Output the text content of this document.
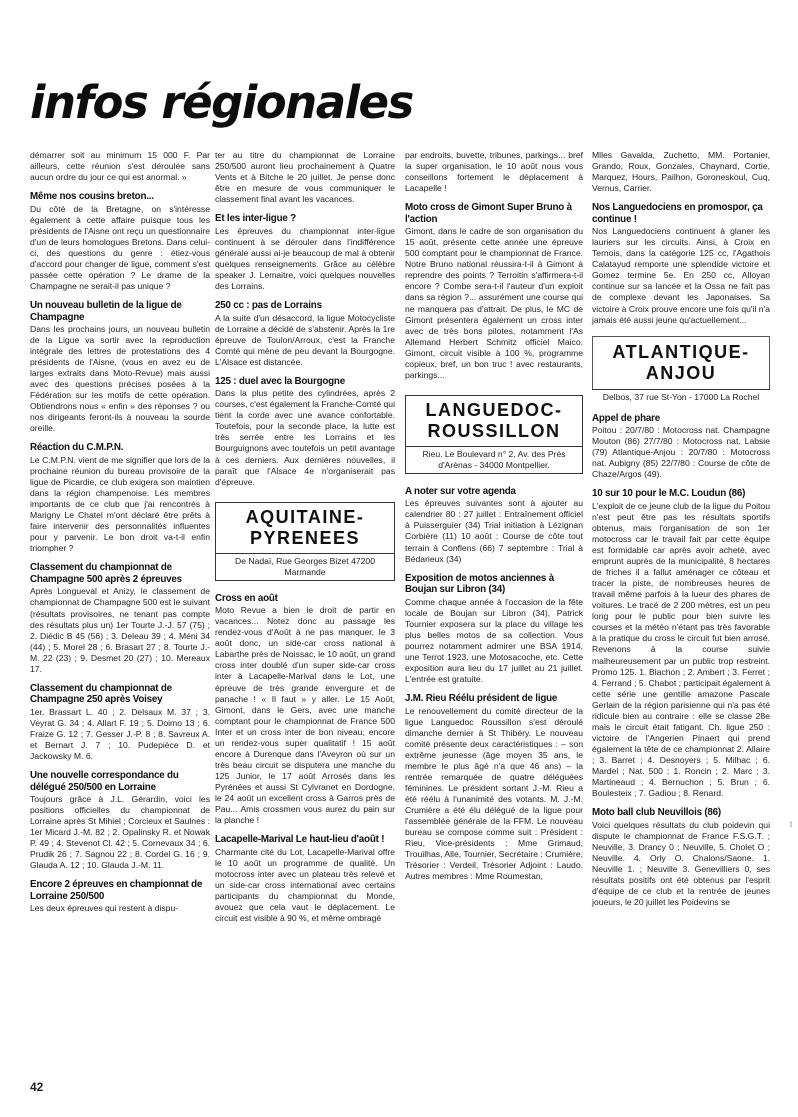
infos régionales

démarrer soit au minimum 15 000 F. Par ailleurs, cette réunion s'est déroulée sans aucun ordre du jour ce qui est anormal. »

Même nos cousins breton...

Du côté de la Bretagne, on s'intéresse également à cette affaire puisque tous les présidents de l'Aisne ont reçu un questionnaire d'un de leurs homologues Bretons. Dans celui-ci, des questions du genre : étiez-vous d'accord pour changer de ligue, comment s'est passée cette opération ? Le drame de la Champagne ne serait-il pas unique ?

Un nouveau bulletin de la ligue de Champagne

Dans les prochains jours, un nouveau bulletin de la Ligue va sortir avec la reproduction intégrale des lettres de protestations des 4 présidents de l'Aisne, (vous en avez eu de larges extraits dans Moto-Revue) mais aussi avec des questions précises posées à la Fédération sur les motifs de cette opération. Obtiendrons nous « enfin » des réponses ? ou nos dirigeants feront-ils à nouveau la sourde oreille.

Réaction du C.M.P.N.

Le C.M.P.N. vient de me signifier que lors de la prochaine réunion du bureau provisoire de la ligue de Picardie, ce club exigera son maintien dans la région champenoise. Les membres importants de ce club que j'ai rencontrés à Marigny Le Chatel m'ont déclaré être prêts à faire intervenir des personnalités influentes pour y parvenir. Le bon droit va-t-il enfin triompher ?

Classement du championnat de Champagne 500 après 2 épreuves

Après Longueval et Anizy, le classement de championnat de Champagne 500 est le suivant (résultats provisoires, ne tenant pas compte des résultats plus un) 1er Tourte J.-J. 57 (75) ; 2. Diédic B 45 (56) ; 3. Deleau 39 ; 4. Méni 34 (44) ; 5. Morel 28 ; 6. Brasart 27 ; 8. Tourte J.-M. 22 (23) ; 9. Desmet 20 (27) ; 10. Mereaux 17.

Classement du championnat de Champagne 250 après Voisey

1er. Brassart L. 40 ; 2. Delsaux M. 37 ; 3. Veyrat G. 34 ; 4. Allart F. 19 ; 5. Doimo 13 ; 6. Fraize G. 12 ; 7. Gesser J.-P. 8 ; 8. Savreux A. et Bernart J. 7 ; 10. Pudepièce D. et Jackowsky M. 6.

Une nouvelle correspondance du délégué 250/500 en Lorraine

Toujours grâce à J.L. Gérardin, voici les positions officielles du championnat de Lorraine après St Mihiel ; Corcieux et Saulnes : 1er Micard J.-M. 82 ; 2. Opalinsky R. et Nowak P. 49 ; 4. Stevenot Cl. 42 ; 5. Cornevaux 34 ; 6. Prudik 26 ; 7. Sagnou 22 ; 8. Cordel G. 16 ; 9. Glauda A. 12 ; 10. Glauda J.-M. 11.

Encore 2 épreuves en championnat de Lorraine 250/500

Les deux épreuves qui restent à dispu-

ter au titre du championnat de Lorraine 250/500 auront lieu prochainement à Quatre Vents et à Bitche le 20 juillet. Je pense donc être en mesure de vous communiquer le classement final avant les vacances.

Et les inter-ligue ?

Les épreuves du championnat inter-ligue continuent à se dérouler dans l'indifférence générale aussi ai-je beaucoup de mal à obtenir quelques renseignements. Grâce au célèbre speaker J. Lemaitre, voici quelques nouvelles des Lorrains.

250 cc : pas de Lorrains

A la suite d'un désaccord, la ligue Motocycliste de Lorraine a décidé de s'abstenir. Après la 1re épreuve de Toulon/Arroux, c'est la Franche Comté qui mène de peu devant la Bourgogne. L'Alsace est distancée.

125 : duel avec la Bourgogne

Dans la plus petite des cylindrées, après 2 courses, c'est également la Franche-Comté qui tient la corde avec une avance confortable. Toutefois, pour la seconde place, la lutte est très serrée entre les Lorrains et les Bourguignons avec toutefois un petit avantage à ces derniers. Aux dernières nouvelles, il paraît que l'Alsace 4e n'organiserait pas d'épreuve.

AQUITAINE-PYRENEES
De Nadaï, Rue Georges Bizet 47200 Marmande
Cross en août

Moto Revue a bien le droit de partir en vacances... Notez donc au passage les rendez-vous d'Août à ne pas manquer, le 3 août donc, un side-car cross national à Labarthe près de Noissac, le 10 août, un grand cross inter doublé d'un super side-car cross inter à Lacapelle-Marival dans le Lot, une épreuve de très grande envergure et de panache ! « Il faut » y aller. Le 15 Août, Gimont, dans le Gers, avec une manche comptant pour le championnat de France 500 Inter et un cross inter de bon niveau, encore un rendez-vous super qualitatif ! 15 août encore à Durenque dans l'Aveyron où sur un très beau circuit se disputera une manche du 125 Junior, le 17 août Arrosés dans les Pyrénées et aussi St Cylvranet en Dordogne, le 24 août un excellent cross à Garros près de Pau... Amis crossmen vous aurez du pain sur la planche !

Lacapelle-Marival Le haut-lieu d'août !

Charmante cité du Lot, Lacapelle-Marival offre le 10 août un programme de qualité. Un motocross inter avec un plateau très relevé et un side-car cross international avec certains participants du championnat du Monde, avouez que cela vaut le déplacement. Le circuit est visible à 90 %, et même ombragé

par endroits, buvette, tribunes, parkings... bref la super organisation, le 10 août nous vous conseillons fortement le déplacement à Lacapelle !

Moto cross de Gimont Super Bruno à l'action

Gimont, dans le cadre de son organisation du 15 août, présente cette année une épreuve 500 comptant pour le championnat de France. Notre Bruno national réussira-t-il à Gimont à reprendre des points ? Terroitin s'affirmera-t-il encore ? Combe sera-t-il l'auteur d'un exploit dans sa région ?... assurément une course qui ne manquera pas d'attrait. De plus, le MC de Gimont présentera également un cross inter avec de très bons pilotes, notamment l'As Allemand Herbert Schmitz officiel Maico. Gimont, circuit visible à 100 %, programme copieux, bref, un bon truc ! avec restaurants, parkings...

LANGUEDOC-ROUSSILLON
Rieu. Le Boulevard n° 2, Av. des Prés d'Arènas - 34000 Montpellier.
A noter sur votre agenda

Les épreuves suivantes sont à ajouter au calendrier 80 : 27 juillet : Entraînement officiel à Puisserguier (34) Trial initiation à Lézignan Corbière (11) 10 août : Course de côte tout terrain à Conflens (66) 7 septembre : Trial à Bédarieux (34)

Exposition de motos anciennes à Boujan sur Libron (34)

Comme chaque année à l'occasion de la fête locale de Boujan sur Libron (34), Patrick Tournier exposera sur la place du village les plus belles motos de sa collection. Vous pourrez notamment admirer une BSA 1914, une Terrot 1923, une Motosacoche, etc. Cette exposition aura lieu du 17 juillet au 21 juillet. L'entrée est gratuite.

J.M. Rieu Réélu président de ligue

Le renouvellement du comité directeur de la ligue Languedoc Roussillon s'est déroulé dimanche dernier à St Thibéry. Le nouveau comité présente deux caractéristiques : – son extrême jeunesse (âge moyen 35 ans, le membre le plus âgé n'a que 46 ans) – la rentrée remarquée de quatre déléguées féminines. Le président sortant J.-M. Rieu a été réélu à l'unanimité des votants. M. J.-M. Crumière a été élu délégué de la ligue pour l'assemblée générale de la FFM. Le nouveau bureau se compose comme suit : Président : Rieu, Vice-présidents : Mme Grimaud, Trouilhas, Alle, Tournier, Secrétaire : Crumière, Trésorier : Verdeil, Trésorier Adjoint : Laudo. Autres membres : Mme Roumestan,

Mlles Gavalda, Zuchetto, MM. Portanier, Grando, Roux, Gonzales, Chaynard, Cortie, Marquez, Hours, Pailhon, Goroneskoul, Cuq, Vernus, Carrier.

Nos Languedociens en promospor, ça continue !

Nos Languedociens continuent à glaner les lauriers sur les circuits. Ainsi, à Croix en Ternois, dans la catégorie 125 cc, l'Agathois Calatayud remporte une splendide victoire et Gomez termine 5e. En 250 cc, Alloyan continue sur sa lancée et la Ossa ne fait pas de complexe devant les Japonaises. Sa victoire à Croix prouve encore une fois qu'il n'a jamais été aussi jeune qu'actuellement...

ATLANTIQUE-ANJOU
Delbos, 37 rue St-Yon - 17000 La Rochel
Appel de phare

Poitou : 20/7/80 : Motocross nat. Champagne Mouton (86) 27/7/80 : Motocross nat. Labsie (79) Atlantique-Anjou : 20/7/80 : Motocross nat. Aubigny (85) 22/7/80 : Course de côte de Chaze/Argos (49).

10 sur 10 pour le M.C. Loudun (86)

L'exploit de ce jeune club de la ligue du Poitou n'est peut être pas les résultats sportifs obtenus, mais l'organisation de son 1er motocross car le travail fait par cette équipe est formidable car après avoir acheté, avec emprunt auprès de la municipalité, 8 hectares de friches il a fallut aménager ce côteau et tracer la piste, de nombreuses heures de travail même parfois à la lueur des phares de voitures. Le tracé de 2 200 mètres, est un peu long pour le public pour bien suivre les courses et la météo n'étant pas très favorable à la pratique du cross le circuit fut bien arrosé. Revenons à la course suivie malheureusement par un public trop restreint. Promo 125. 1. Blachon ; 2. Ambert ; 3. Ferret ; 4. Ferrand ; 5. Chabot ; participait également à cette série une gentille amazone Pascale Gerlain de la région parisienne qui n'a pas été ridicule bien au contraire : elle se classe 28e mais le circuit était fatigant. Ch. ligue 250 : victoire de l'Angerien Pinaert qui prend également la tête de ce championnat 2. Allaire ; 3. Barret ; 4. Desnoyers ; 5. Milhac ; 6. Mardel ; Nat. 500 : 1. Roncin ; 2. Marc ; 3. Martineaud ; 4. Bernuchon ; 5. Brun ; 6. Boulesteix ; 7. Gadiou ; 8. Renard.

Moto ball club Neuvillois (86)

Voici quelques résultats du club poidevin qui dispute le championnat de France F.S.G.T. ; Neuville, 3. Drancy 0 ; Neuville, 5. Cholet O ; Neuville. 4. Orly O. Chalons/Saone. 1. Neuville 1. ; Neuville 3. Genevilliers 0, ses résultats positifs ont été obtenus par l'esprit d'équipe de ce club et la rentrée de jeunes joueurs, le 20 juillet les Poidevins se

42
t
